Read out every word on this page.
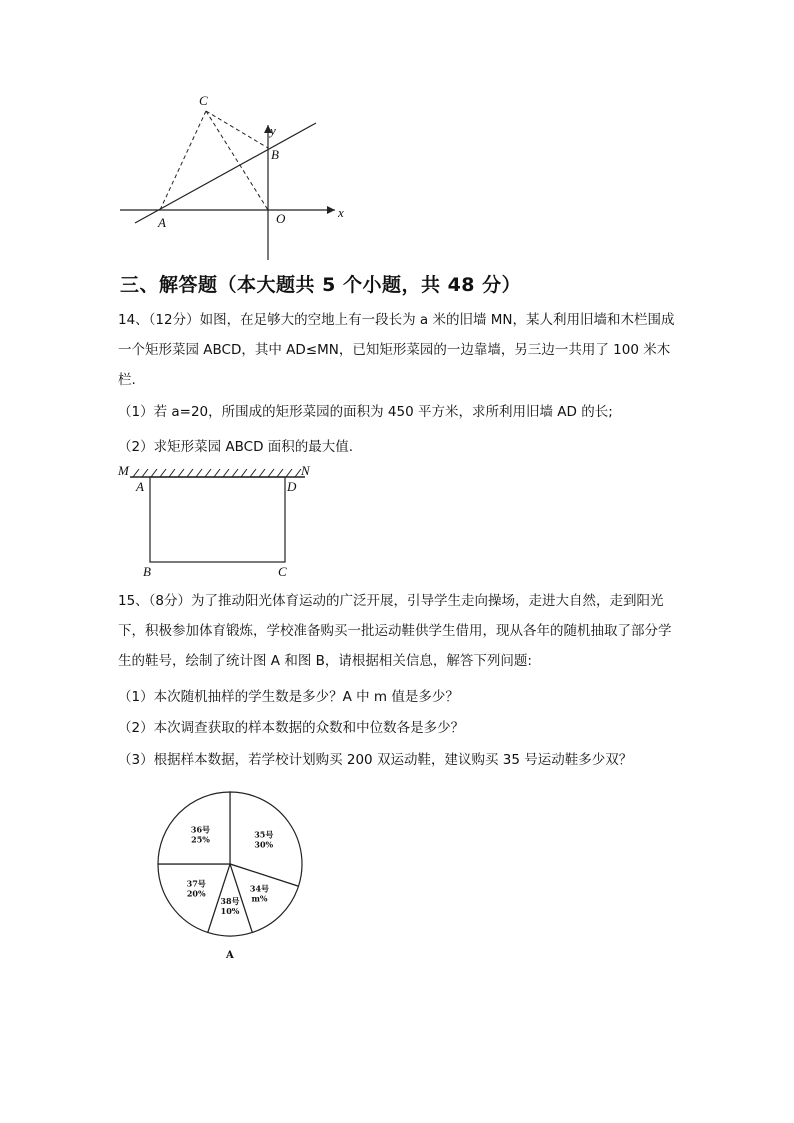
C
B
A	O
y
x
三、解答题（本大题共 5 个小题，共 48 分）
14、（12分）如图，在足够大的空地上有一段长为 a 米的旧墙 MN，某人利用旧墙和木栏围成一个矩形菜园 ABCD，其中 AD≤MN，已知矩形菜园的一边靠墙，另三边一共用了 100 米木栏.
（1）若 a=20，所围成的矩形菜园的面积为 450 平方米，求所利用旧墙 AD 的长;
（2）求矩形菜园 ABCD 面积的最大值.
M	N
A	D
B	C
15、（8分）为了推动阳光体育运动的广泛开展，引导学生走向操场，走进大自然，走到阳光下，积极参加体育锻炼，学校准备购买一批运动鞋供学生借用，现从各年的随机抽取了部分学生的鞋号，绘制了统计图 A 和图 B，请根据相关信息，解答下列问题:
（1）本次随机抽样的学生数是多少？A 中 m 值是多少？
（2）本次调查获取的样本数据的众数和中位数各是多少？
（3）根据样本数据，若学校计划购买 200 双运动鞋，建议购买 35 号运动鞋多少双？
35号
30%
34号
m%
38号
10%
37号
20%
36号
25%
A
